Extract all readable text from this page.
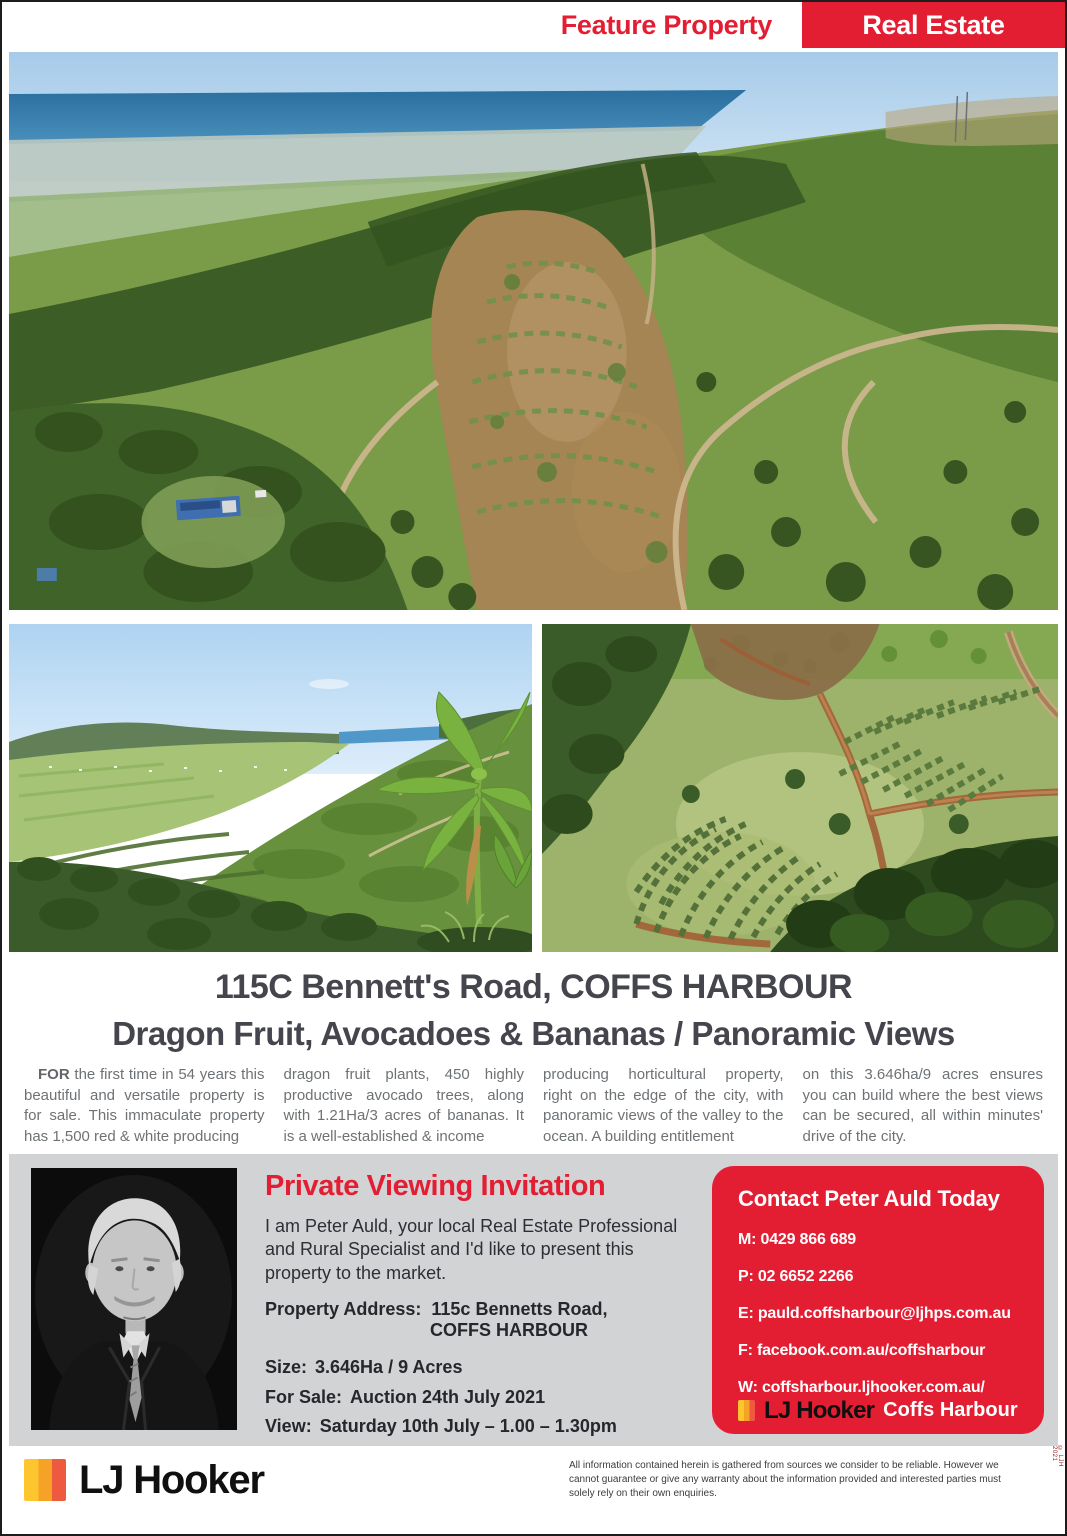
Feature Property	Real Estate
115C Bennett's Road, COFFS HARBOUR
Dragon Fruit, Avocadoes & Bananas / Panoramic Views
FOR the first time in 54 years this beautiful and versatile property is for sale. This immaculate property has 1,500 red & white producing
dragon fruit plants, 450 highly productive avocado trees, along with 1.21Ha/3 acres of bananas. It is a well-established & income
producing horticultural property, right on the edge of the city, with panoramic views of the valley to the ocean. A building entitlement
on this 3.646ha/9 acres ensures you can build where the best views can be secured, all within minutes' drive of the city.
Private Viewing Invitation
I am Peter Auld, your local Real Estate Professional and Rural Specialist and I'd like to present this property to the market.
Property Address: 115c Bennetts Road,
COFFS HARBOUR
Size: 3.646Ha / 9 Acres
For Sale: Auction 24th July 2021
View: Saturday 10th July – 1.00 – 1.30pm
Contact Peter Auld Today
M: 0429 866 689
P: 02 6652 2266
E: pauld.coffsharbour@ljhps.com.au
F: facebook.com.au/coffsharbour
W: coffsharbour.ljhooker.com.au/
LJ Hooker Coffs Harbour
LJ Hooker	All information contained herein is gathered from sources we consider to be reliable. However we cannot guarantee or give any warranty about the information provided and interested parties must solely rely on their own enquiries.
© LJH 2021
